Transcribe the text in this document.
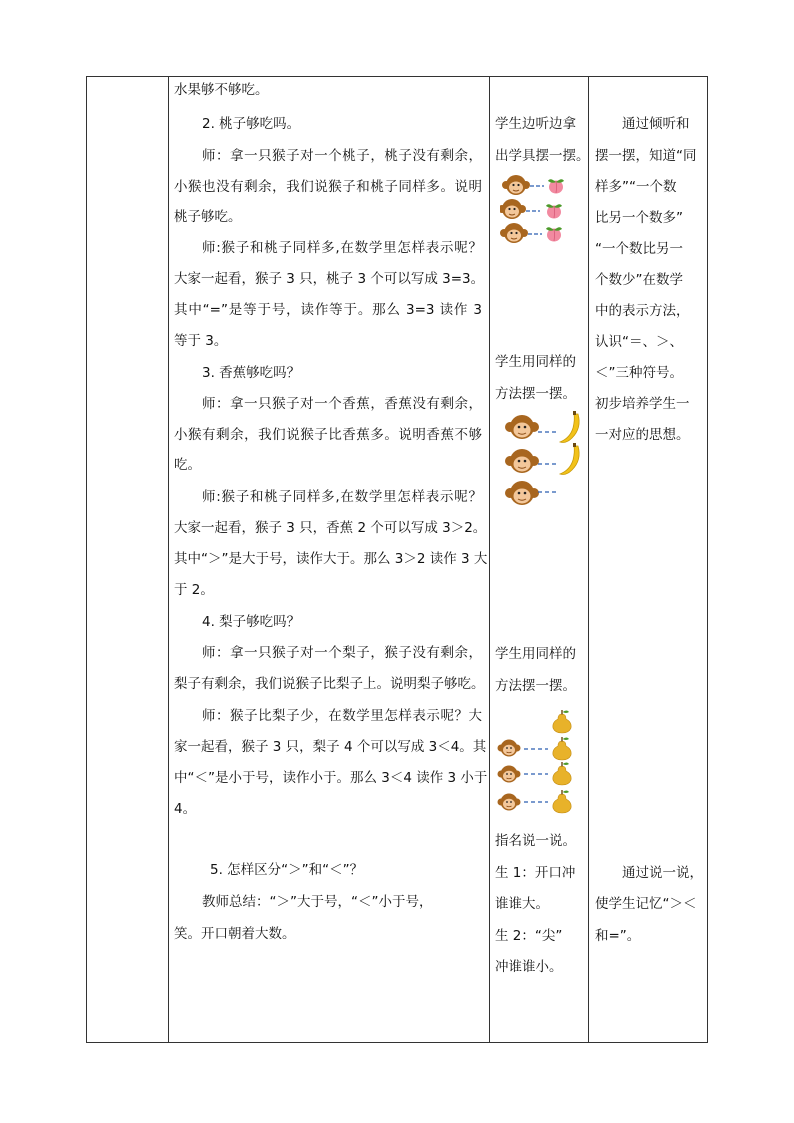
水果够不够吃。
2. 桃子够吃吗。
师：拿一只猴子对一个桃子，桃子没有剩余，
小猴也没有剩余，我们说猴子和桃子同样多。说明
桃子够吃。
师:猴子和桃子同样多,在数学里怎样表示呢？
大家一起看，猴子 3 只，桃子 3 个可以写成 3=3。
其中“=”是等于号，读作等于。那么 3=3 读作 3
等于 3。
3. 香蕉够吃吗？
师：拿一只猴子对一个香蕉，香蕉没有剩余，
小猴有剩余，我们说猴子比香蕉多。说明香蕉不够
吃。
师:猴子和桃子同样多,在数学里怎样表示呢？
大家一起看，猴子 3 只，香蕉 2 个可以写成 3＞2。
其中“＞”是大于号，读作大于。那么 3＞2 读作 3 大
于 2。
4. 梨子够吃吗？
师：拿一只猴子对一个梨子，猴子没有剩余，
梨子有剩余，我们说猴子比梨子上。说明梨子够吃。
师：猴子比梨子少，在数学里怎样表示呢？大
家一起看，猴子 3 只，梨子 4 个可以写成 3＜4。其
中“＜”是小于号，读作小于。那么 3＜4 读作 3 小于
4。
5. 怎样区分“＞”和“＜”？
教师总结：“＞”大于号，“＜”小于号，
笑。开口朝着大数。
学生边听边拿
出学具摆一摆。
学生用同样的
方法摆一摆。
学生用同样的
方法摆一摆。
指名说一说。
生 1：开口冲
谁谁大。
生 2：“尖”
冲谁谁小。
通过倾听和
摆一摆，知道“同
样多”“一个数
比另一个数多”
“一个数比另一
个数少”在数学
中的表示方法，
认识“＝、＞、
＜”三种符号。
初步培养学生一
一对应的思想。
通过说一说，
使学生记忆“＞＜
和=”。
